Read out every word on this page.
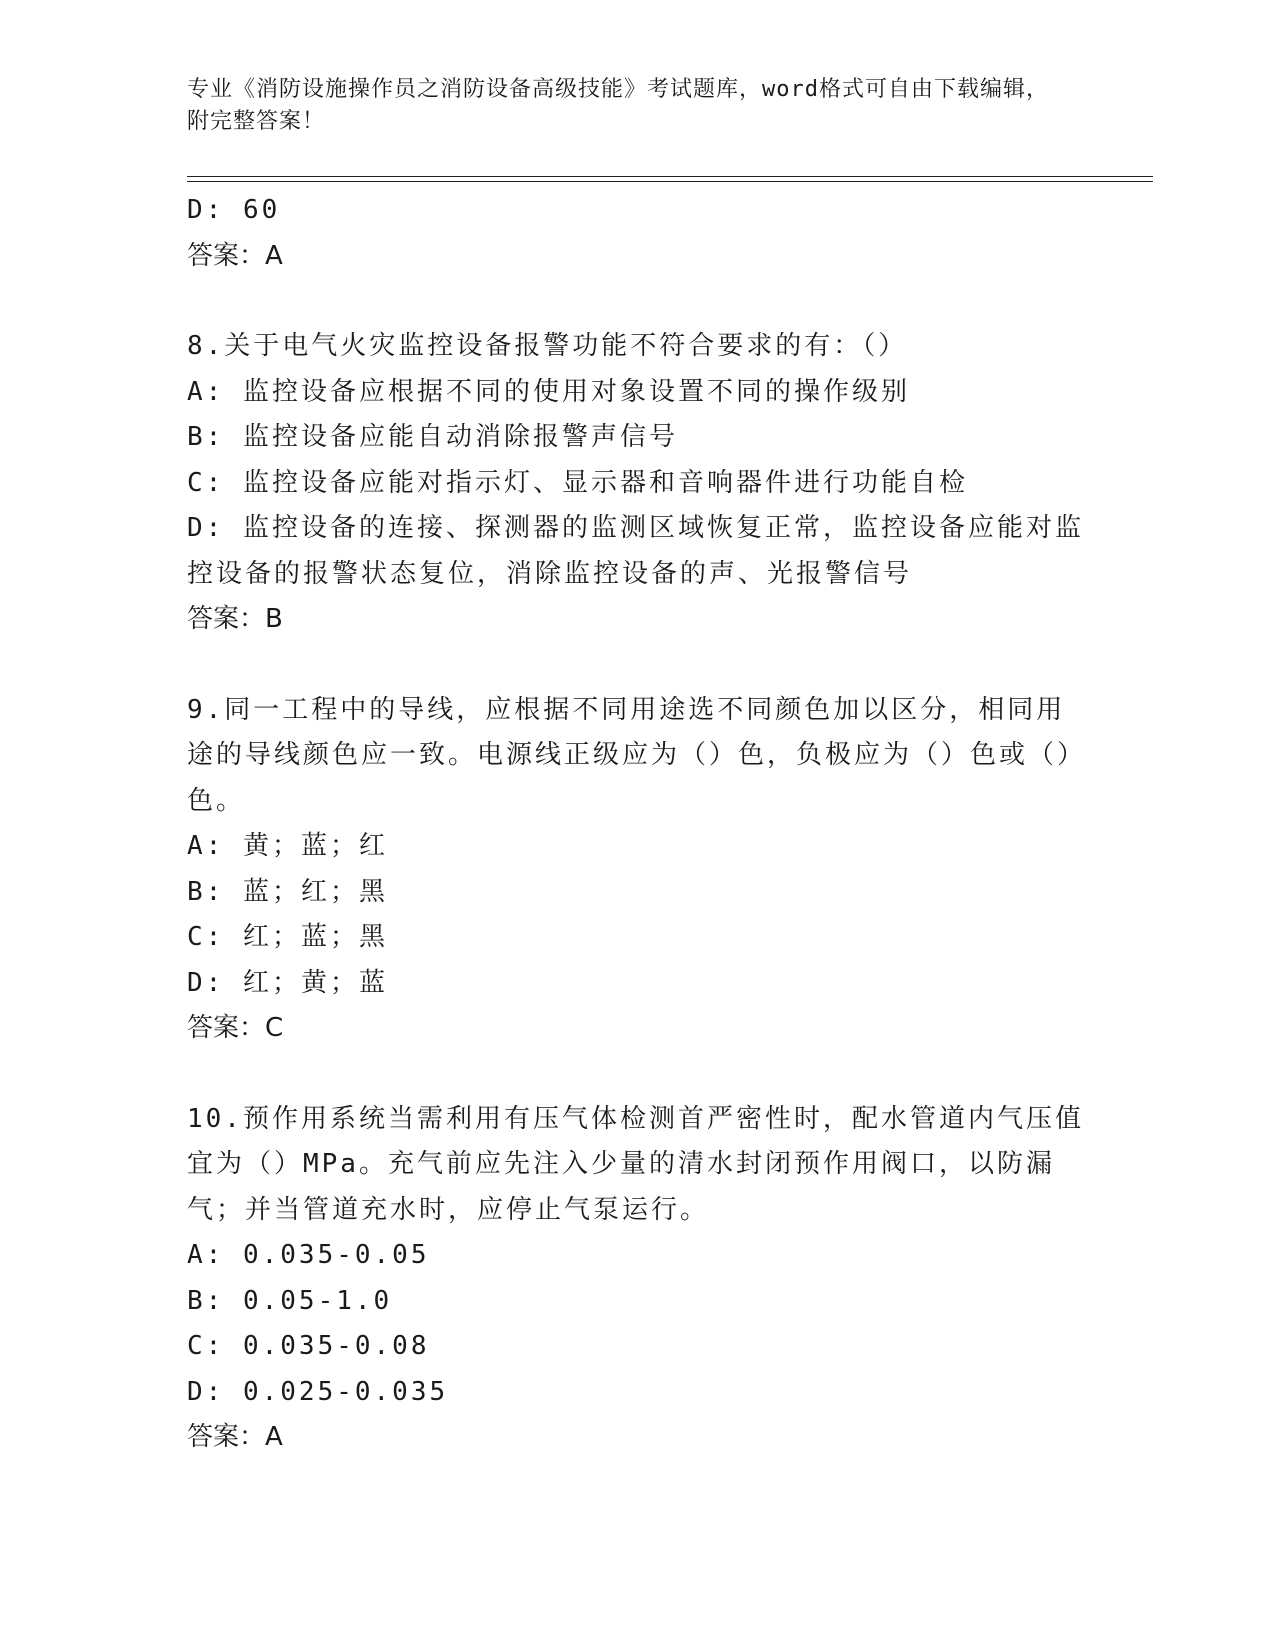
专业《消防设施操作员之消防设备高级技能》考试题库，word格式可自由下载编辑，附完整答案！
D: 60
答案：A
8.关于电气火灾监控设备报警功能不符合要求的有：（）
A: 监控设备应根据不同的使用对象设置不同的操作级别
B: 监控设备应能自动消除报警声信号
C: 监控设备应能对指示灯、显示器和音响器件进行功能自检
D: 监控设备的连接、探测器的监测区域恢复正常，监控设备应能对监控设备的报警状态复位，消除监控设备的声、光报警信号
答案：B
9.同一工程中的导线，应根据不同用途选不同颜色加以区分，相同用途的导线颜色应一致。电源线正级应为（）色，负极应为（）色或（）色。
A: 黄；蓝；红
B: 蓝；红；黑
C: 红；蓝；黑
D: 红；黄；蓝
答案：C
10.预作用系统当需利用有压气体检测首严密性时，配水管道内气压值宜为（）MPa。充气前应先注入少量的清水封闭预作用阀口，以防漏气；并当管道充水时，应停止气泵运行。
A: 0.035-0.05
B: 0.05-1.0
C: 0.035-0.08
D: 0.025-0.035
答案：A
